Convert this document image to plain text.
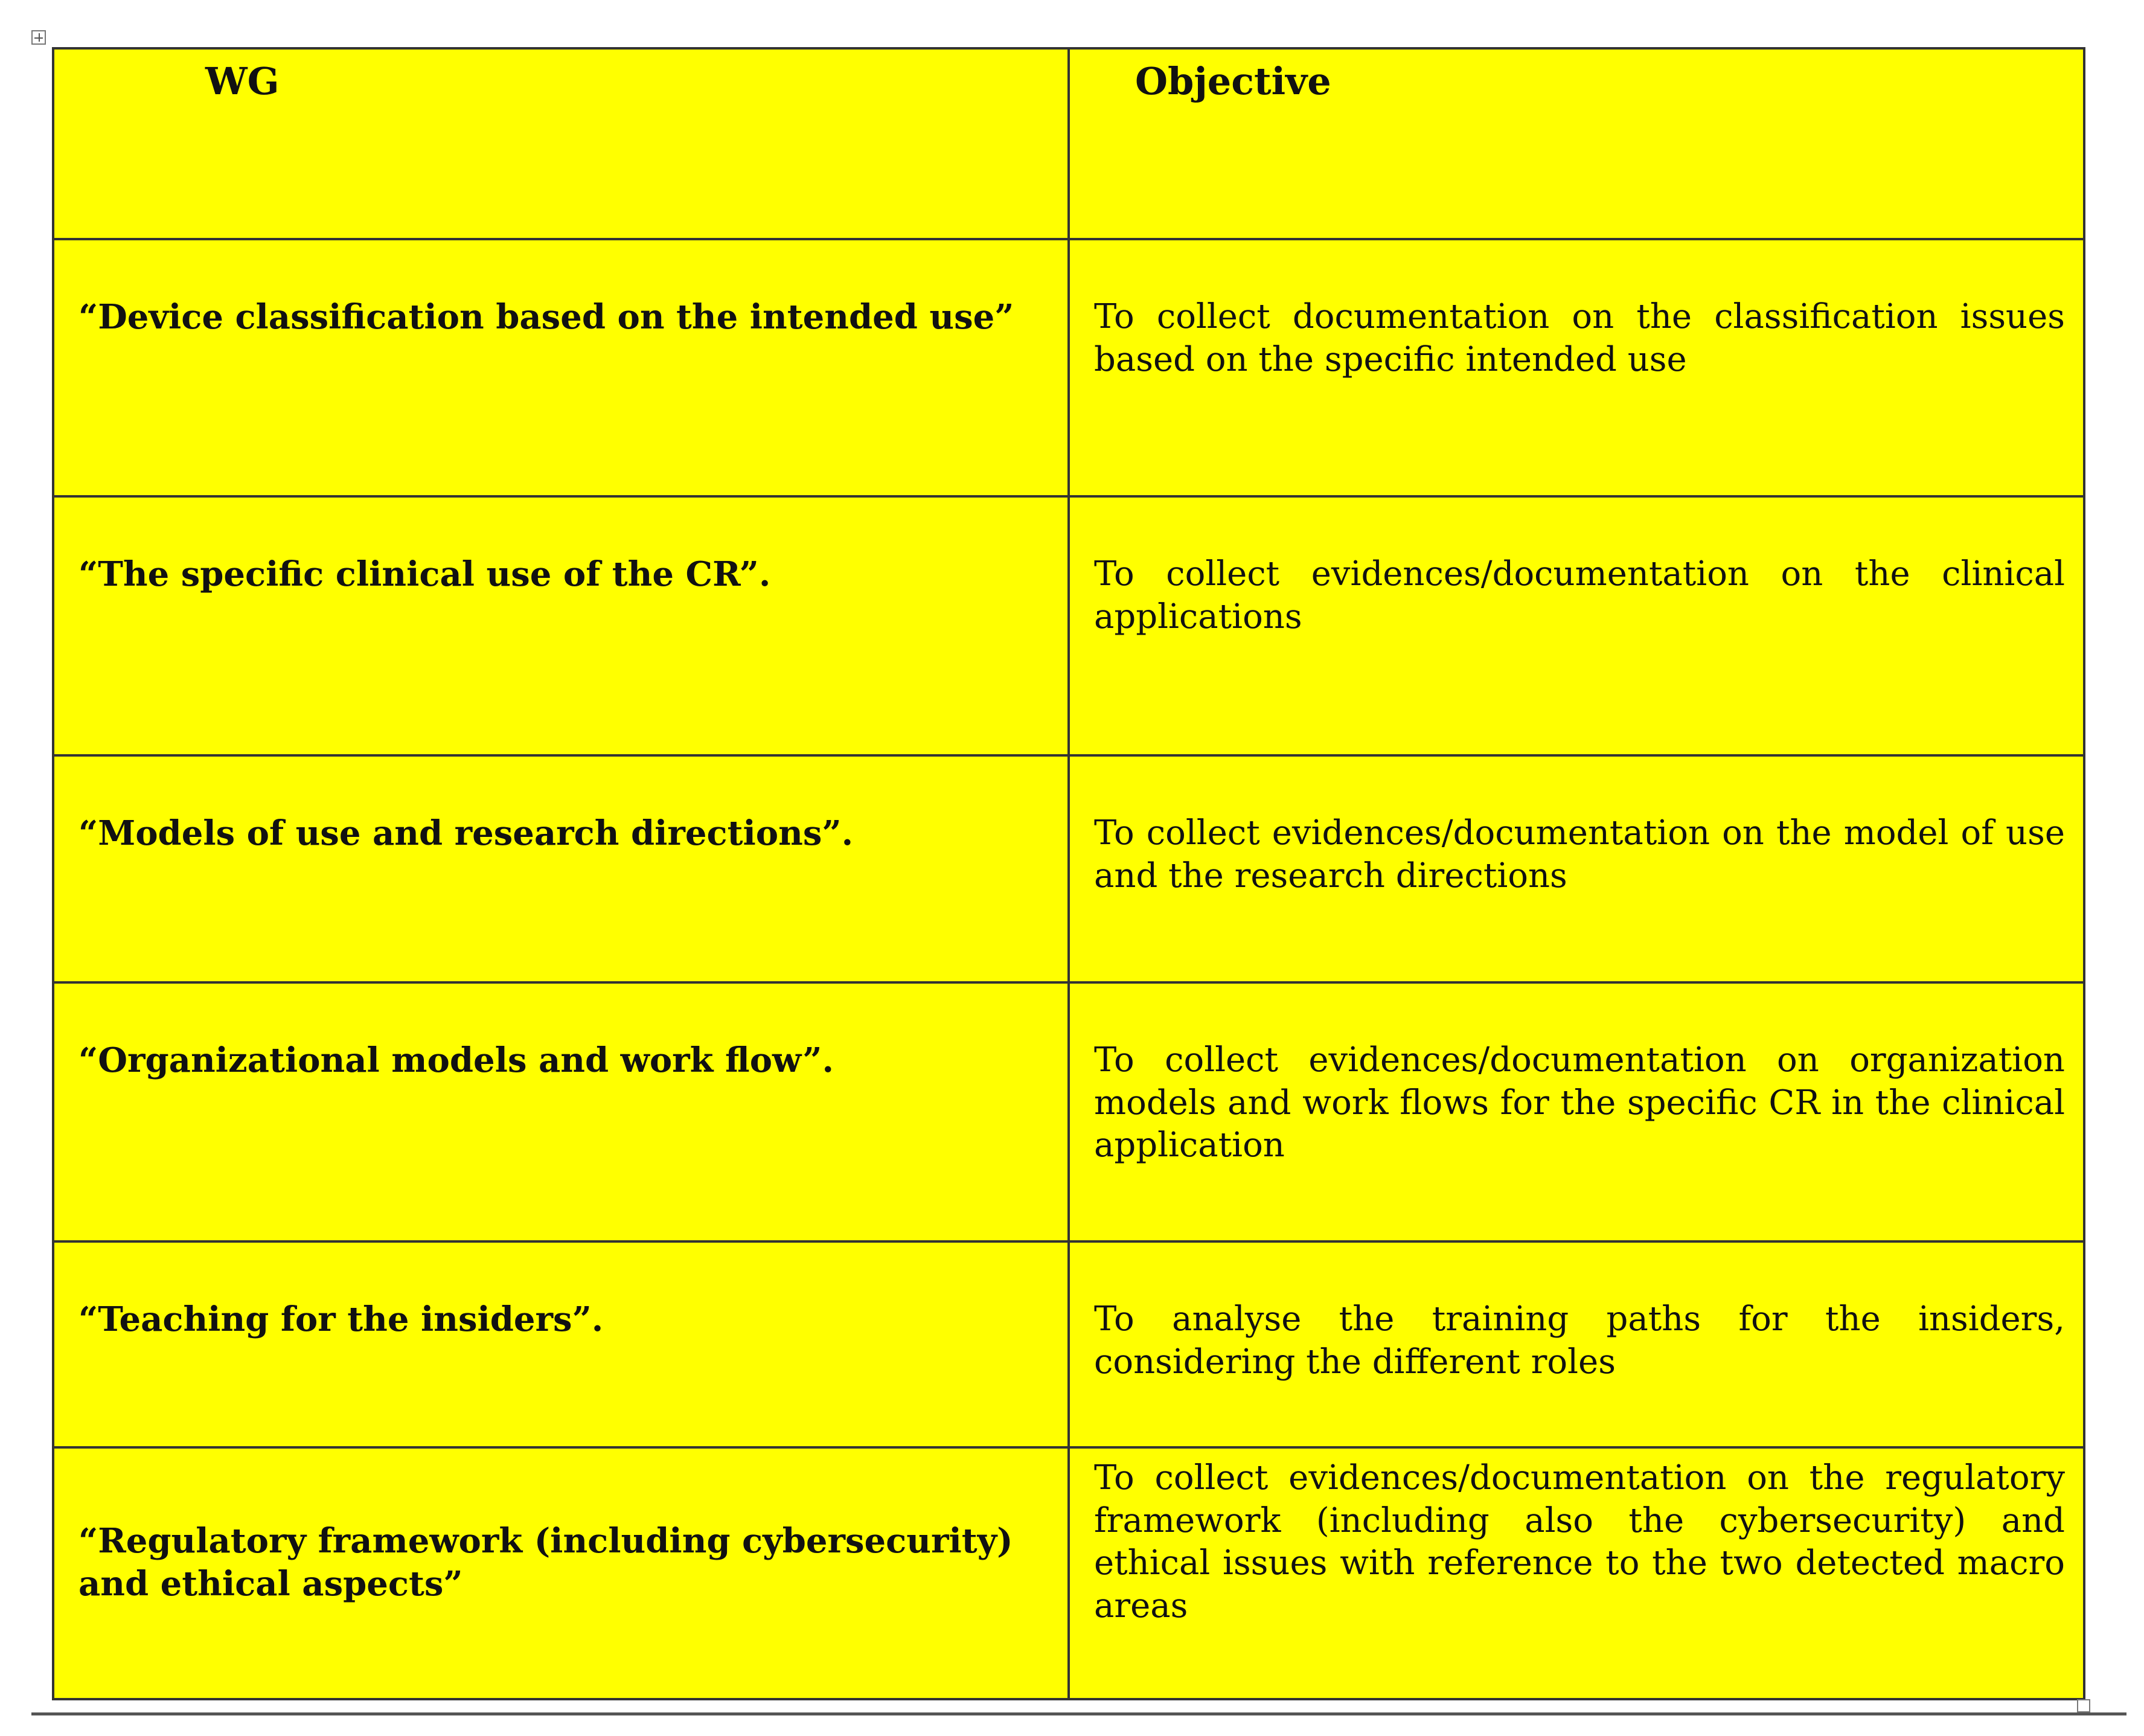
WG	Objective
“Device classification based on the intended use”	To collect documentation on the classification issues based on the specific intended use
“The specific clinical use of the CR”.	To collect evidences/documentation on the clinical applications
“Models of use and research directions”.	To collect evidences/documentation on the model of use and the research directions
“Organizational models and work flow”.	To collect evidences/documentation on organization models and work flows for the specific CR in the clinical application
“Teaching for the insiders”.	To analyse the training paths for the insiders, considering the different roles
“Regulatory framework (including cybersecurity) and ethical aspects”	To collect evidences/documentation on the regulatory framework (including also the cybersecurity) and ethical issues with reference to the two detected macro areas
